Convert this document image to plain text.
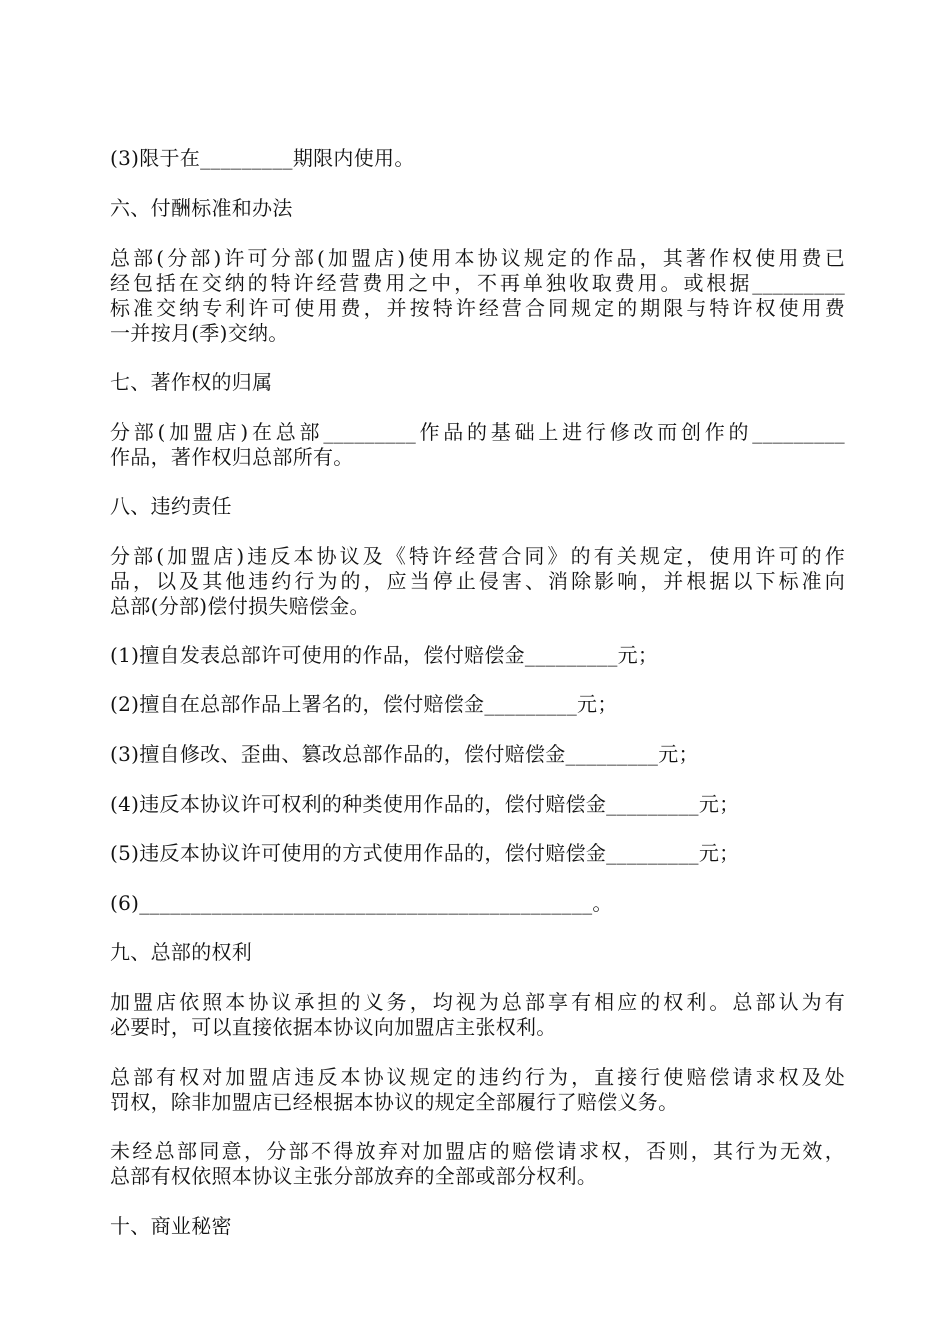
(3)限于在_________期限内使用。
六、付酬标准和办法
总部(分部)许可分部(加盟店)使用本协议规定的作品，其著作权使用费已
经包括在交纳的特许经营费用之中，不再单独收取费用。或根据_________
标准交纳专利许可使用费，并按特许经营合同规定的期限与特许权使用费
一并按月(季)交纳。
七、著作权的归属
分部(加盟店)在总部_________作品的基础上进行修改而创作的_________
作品，著作权归总部所有。
八、违约责任
分部(加盟店)违反本协议及《特许经营合同》的有关规定，使用许可的作
品，以及其他违约行为的，应当停止侵害、消除影响，并根据以下标准向
总部(分部)偿付损失赔偿金。
(1)擅自发表总部许可使用的作品，偿付赔偿金_________元；
(2)擅自在总部作品上署名的，偿付赔偿金_________元；
(3)擅自修改、歪曲、篡改总部作品的，偿付赔偿金_________元；
(4)违反本协议许可权利的种类使用作品的，偿付赔偿金_________元；
(5)违反本协议许可使用的方式使用作品的，偿付赔偿金_________元；
(6)____________________________________________。
九、总部的权利
加盟店依照本协议承担的义务，均视为总部享有相应的权利。总部认为有
必要时，可以直接依据本协议向加盟店主张权利。
总部有权对加盟店违反本协议规定的违约行为，直接行使赔偿请求权及处
罚权，除非加盟店已经根据本协议的规定全部履行了赔偿义务。
未经总部同意，分部不得放弃对加盟店的赔偿请求权，否则，其行为无效，
总部有权依照本协议主张分部放弃的全部或部分权利。
十、商业秘密
